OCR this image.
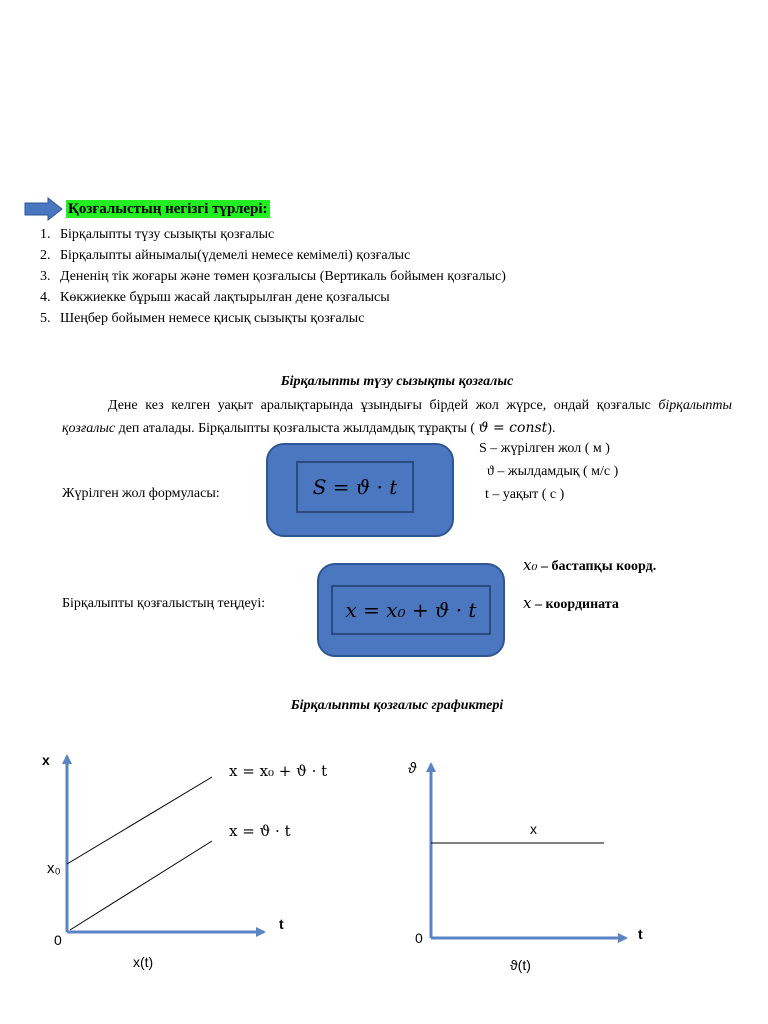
Қозғалыстың негізгі түрлері:
1. Бірқалыпты түзу сызықты қозғалыс
2. Бірқалыпты айнымалы(үдемелі немесе кемімелі) қозғалыс
3. Дененің тік жоғары және төмен қозғалысы (Вертикаль бойымен қозғалыс)
4. Көкжиекке бұрыш жасай лақтырылған дене қозғалысы
5. Шеңбер бойымен немесе қисық сызықты қозғалыс
Бірқалыпты түзу сызықты қозғалыс
Дене кез келген уақыт аралықтарында ұзындығы бірдей жол жүрсе, ондай қозғалыс бірқалыпты қозғалыс деп аталады. Бірқалыпты қозғалыста жылдамдық тұрақты ( ϑ = const).
Жүрілген жол формуласы:	S = ϑ · t
S – жүрілген жол ( м )
ϑ – жылдамдық ( м/с )
t – уақыт ( с )
Бірқалыпты қозғалыстың теңдеуі:	x = x₀ + ϑ · t
x₀ – бастапқы коорд.
x – координата
Бірқалыпты қозғалыс графиктері
x
t
0
x₀
x = x₀ + ϑ · t
x = ϑ · t
x(t)
ϑ
t
0
x
ϑ(t)
